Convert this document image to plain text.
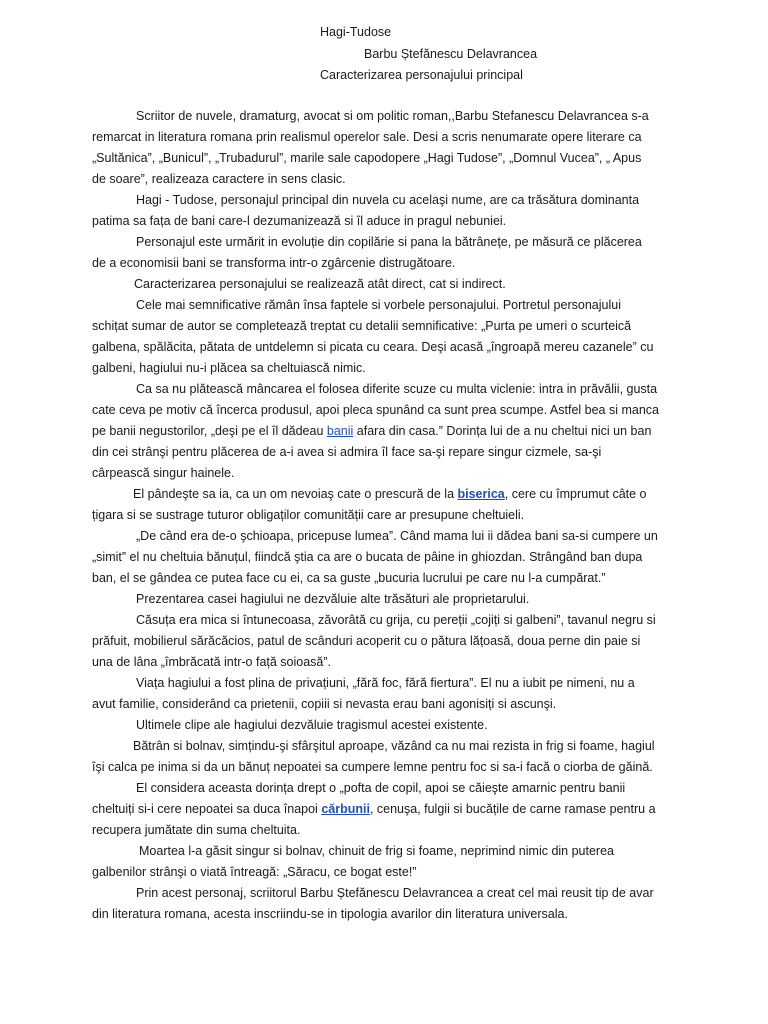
Hagi-Tudose
Barbu Ștefănescu Delavrancea
Caracterizarea personajului principal
Scriitor de nuvele, dramaturg, avocat si om politic roman,,Barbu Stefanescu Delavrancea s-a
remarcat in literatura romana prin realismul operelor sale. Desi a scris nenumarate opere literare ca
„Sultănica”, „Bunicul”, „Trubadurul”, marile sale capodopere „Hagi Tudose”, „Domnul Vucea”, „ Apus
de soare”, realizeaza caractere in sens clasic.
Hagi - Tudose, personajul principal din nuvela cu acelaşi nume, are ca trăsătura dominanta
patima sa fața de bani care-l dezumanizează si îl aduce in pragul nebuniei.
Personajul este urmărit in evoluție din copilărie si pana la bătrânețe, pe măsură ce plăcerea
de a economisii bani se transforma intr-o zgârcenie distrugătoare.
Caracterizarea personajului se realizează atât direct, cat si indirect.
Cele mai semnificative rămân însa faptele si vorbele personajului. Portretul personajului
schițat sumar de autor se completează treptat cu detalii semnificative: „Purta pe umeri o scurteică
galbena, spălăcita, pătata de untdelemn si picata cu ceara. Deşi acasă „îngroapă mereu cazanele” cu
galbeni, hagiului nu-i plăcea sa cheltuiască nimic.
Ca sa nu plătească mâncarea el folosea diferite scuze cu multa viclenie: intra in prăvălii, gusta
cate ceva pe motiv că încerca produsul, apoi pleca spunând ca sunt prea scumpe. Astfel bea si manca
pe banii negustorilor, „deşi pe el îl dădeau banii afara din casa.” Dorința lui de a nu cheltui nici un ban
din cei strânşi pentru plăcerea de a-i avea si admira îl face sa-şi repare singur cizmele, sa-şi
cârpească singur hainele.
El pândeşte sa ia, ca un om nevoiaş cate o prescură de la biserica, cere cu împrumut câte o
țigara si se sustrage tuturor obligaților comunității care ar presupune cheltuieli.
„De când era de-o şchioapa, pricepuse lumea”. Când mama lui ii dădea bani sa-si cumpere un
„simit” el nu cheltuia bănuțul, fiindcă ştia ca are o bucata de pâine in ghiozdan. Strângând ban dupa
ban, el se gândea ce putea face cu ei, ca sa guste „bucuria lucrului pe care nu l-a cumpărat.”
Prezentarea casei hagiului ne dezvăluie alte trăsături ale proprietarului.
Căsuța era mica si întunecoasa, zăvorâtă cu grija, cu pereții „cojiți si galbeni”, tavanul negru si
prăfuit, mobilierul sărăcăcios, patul de scânduri acoperit cu o pătura lățoasă, doua perne din paie si
una de lâna „îmbrăcată intr-o față soioasă”.
Viața hagiului a fost plina de privațiuni, „fără foc, fără fiertura”. El nu a iubit pe nimeni, nu a
avut familie, considerând ca prietenii, copiii si nevasta erau bani agonisiți si ascunşi.
Ultimele clipe ale hagiului dezvăluie tragismul acestei existente.
Bătrân si bolnav, simțindu-şi sfârşitul aproape, văzând ca nu mai rezista in frig si foame, hagiul
îşi calca pe inima si da un bănuț nepoatei sa cumpere lemne pentru foc si sa-i facă o ciorba de găină.
El considera aceasta dorința drept o „pofta de copil, apoi se căieşte amarnic pentru banii
cheltuiți si-i cere nepoatei sa duca înapoi cărbunii, cenuşa, fulgii si bucățile de carne ramase pentru a
recupera jumătate din suma cheltuita.
Moartea l-a găsit singur si bolnav, chinuit de frig si foame, neprimind nimic din puterea
galbenilor strânşi o viată întreagă: „Săracu, ce bogat este!”
Prin acest personaj, scriitorul Barbu Ștefănescu Delavrancea a creat cel mai reusit tip de avar
din literatura romana, acesta inscriindu-se in tipologia avarilor din literatura universala.
